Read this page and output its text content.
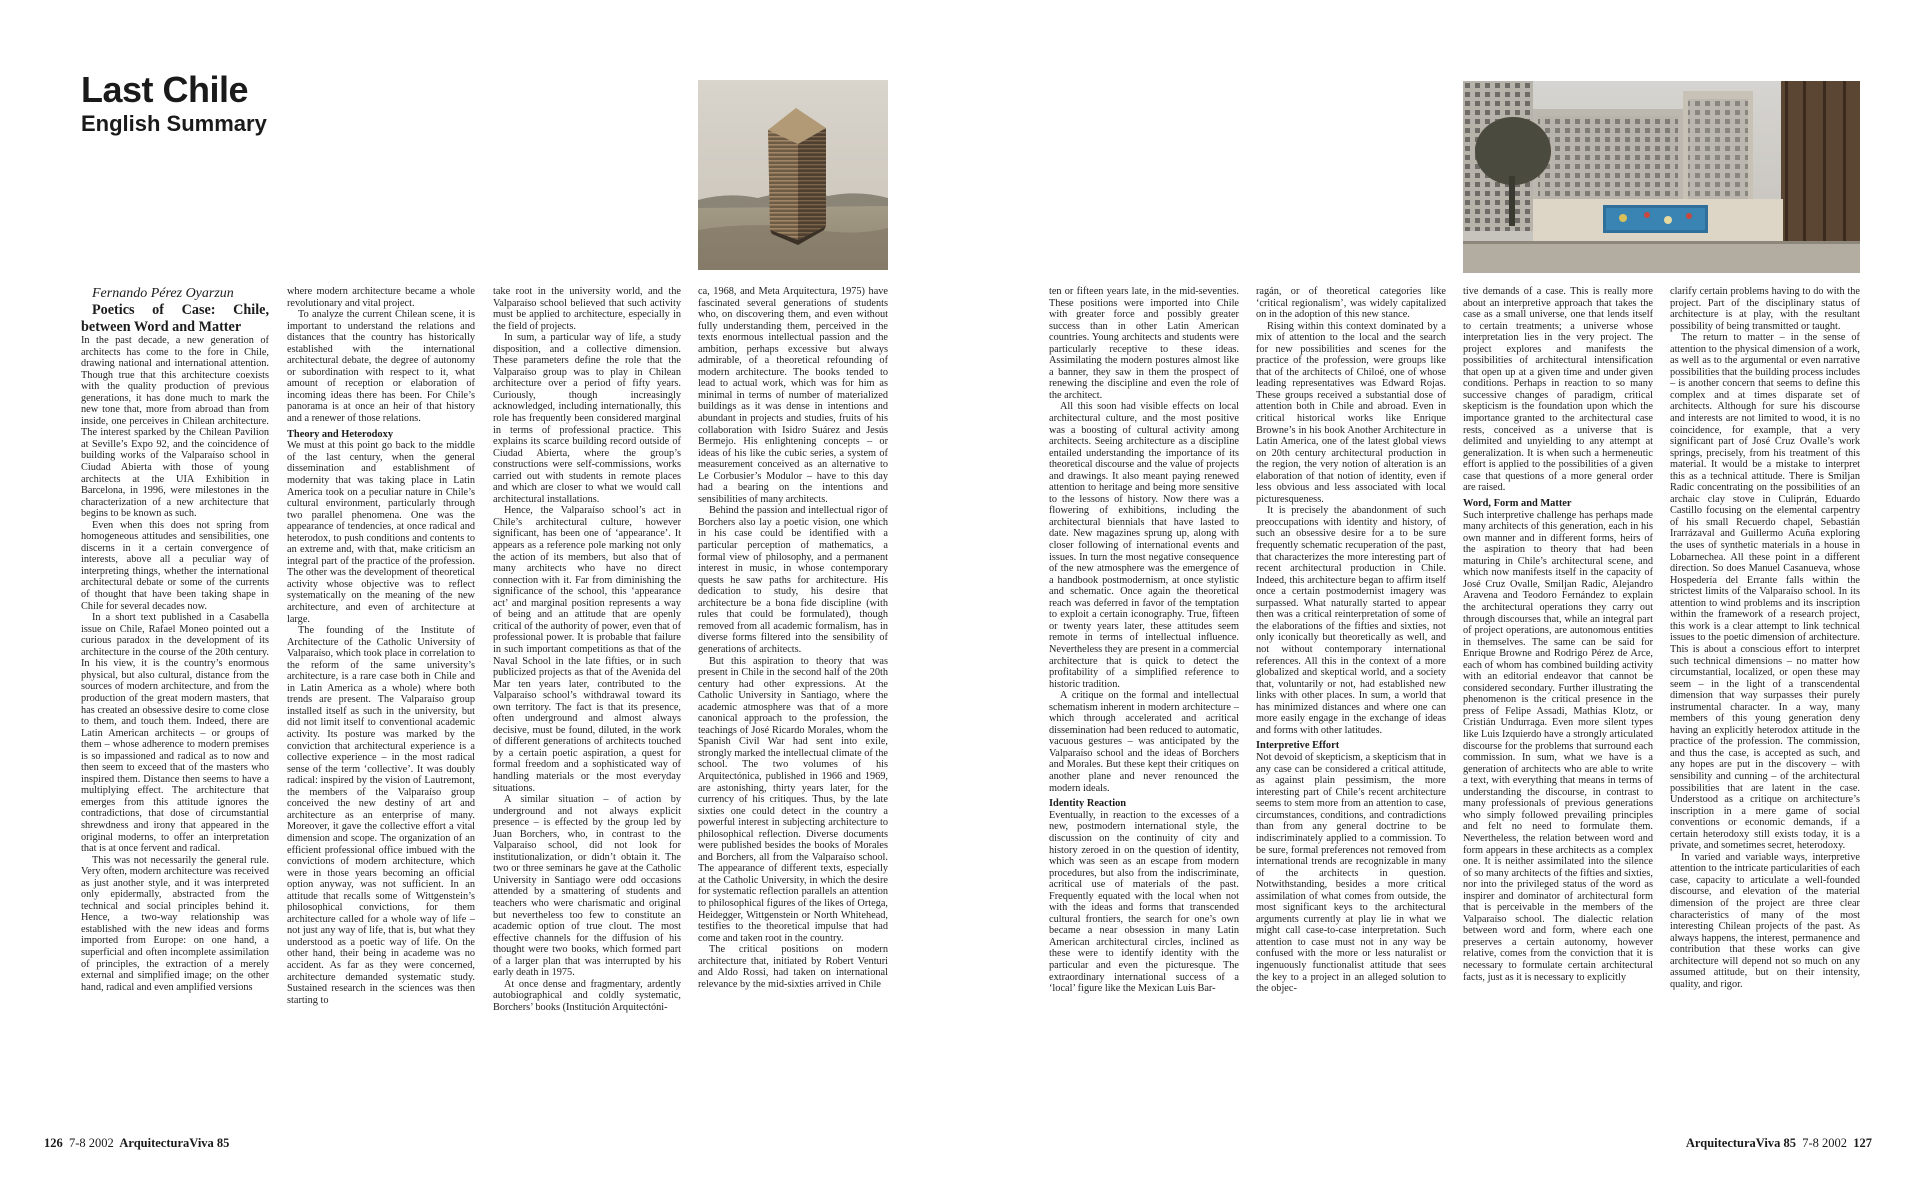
Last Chile
English Summary

Fernando Pérez Oyarzun

Poetics of Case: Chile, between Word and Matter

In the past decade, a new generation of architects has come to the fore in Chile, drawing national and international attention. Though true that this architecture coexists with the quality production of previous generations, it has done much to mark the new tone that, more from abroad than from inside, one perceives in Chilean architecture. The interest sparked by the Chilean Pavilion at Seville’s Expo 92, and the coincidence of building works of the Valparaíso school in Ciudad Abierta with those of young architects at the UIA Exhibition in Barcelona, in 1996, were milestones in the characterization of a new architecture that begins to be known as such.

Even when this does not spring from homogeneous attitudes and sensibilities, one discerns in it a certain convergence of interests, above all a peculiar way of interpreting things, whether the international architectural debate or some of the currents of thought that have been taking shape in Chile for several decades now.

In a short text published in a Casabella issue on Chile, Rafael Moneo pointed out a curious paradox in the development of its architecture in the course of the 20th century. In his view, it is the country’s enormous physical, but also cultural, distance from the sources of modern architecture, and from the production of the great modern masters, that has created an obsessive desire to come close to them, and touch them. Indeed, there are Latin American architects – or groups of them – whose adherence to modern premises is so impassioned and radical as to now and then seem to exceed that of the masters who inspired them. Distance then seems to have a multiplying effect. The architecture that emerges from this attitude ignores the contradictions, that dose of circumstantial shrewdness and irony that appeared in the original moderns, to offer an interpretation that is at once fervent and radical.

This was not necessarily the general rule. Very often, modern architecture was received as just another style, and it was interpreted only epidermally, abstracted from the technical and social principles behind it. Hence, a two-way relationship was established with the new ideas and forms imported from Europe: on one hand, a superficial and often incomplete assimilation of principles, the extraction of a merely external and simplified image; on the other hand, radical and even amplified versions

where modern architecture became a whole revolutionary and vital project.

To analyze the current Chilean scene, it is important to understand the relations and distances that the country has historically established with the international architectural debate, the degree of autonomy or subordination with respect to it, what amount of reception or elaboration of incoming ideas there has been. For Chile’s panorama is at once an heir of that history and a renewer of those relations.

Theory and Heterodoxy

We must at this point go back to the middle of the last century, when the general dissemination and establishment of modernity that was taking place in Latin America took on a peculiar nature in Chile’s cultural environment, particularly through two parallel phenomena. One was the appearance of tendencies, at once radical and heterodox, to push conditions and contents to an extreme and, with that, make criticism an integral part of the practice of the profession. The other was the development of theoretical activity whose objective was to reflect systematically on the meaning of the new architecture, and even of architecture at large.

The founding of the Institute of Architecture of the Catholic University of Valparaíso, which took place in correlation to the reform of the same university’s architecture, is a rare case both in Chile and in Latin America as a whole) where both trends are present. The Valparaíso group installed itself as such in the university, but did not limit itself to conventional academic activity. Its posture was marked by the conviction that architectural experience is a collective experience – in the most radical sense of the term ‘collective’. It was doubly radical: inspired by the vision of Lautremont, the members of the Valparaíso group conceived the new destiny of art and architecture as an enterprise of many. Moreover, it gave the collective effort a vital dimension and scope. The organization of an efficient professional office imbued with the convictions of modern architecture, which were in those years becoming an official option anyway, was not sufficient. In an attitude that recalls some of Wittgenstein’s philosophical convictions, for them architecture called for a whole way of life – not just any way of life, that is, but what they understood as a poetic way of life. On the other hand, their being in academe was no accident. As far as they were concerned, architecture demanded systematic study. Sustained research in the sciences was then starting to

take root in the university world, and the Valparaíso school believed that such activity must be applied to architecture, especially in the field of projects.

In sum, a particular way of life, a study disposition, and a collective dimension. These parameters define the role that the Valparaíso group was to play in Chilean architecture over a period of fifty years. Curiously, though increasingly acknowledged, including internationally, this role has frequently been considered marginal in terms of professional practice. This explains its scarce building record outside of Ciudad Abierta, where the group’s constructions were self-commissions, works carried out with students in remote places and which are closer to what we would call architectural installations.

Hence, the Valparaíso school’s act in Chile’s architectural culture, however significant, has been one of ‘appearance’. It appears as a reference pole marking not only the action of its members, but also that of many architects who have no direct connection with it. Far from diminishing the significance of the school, this ‘appearance act’ and marginal position represents a way of being and an attitude that are openly critical of the authority of power, even that of professional power. It is probable that failure in such important competitions as that of the Naval School in the late fifties, or in such publicized projects as that of the Avenida del Mar ten years later, contributed to the Valparaíso school’s withdrawal toward its own territory. The fact is that its presence, often underground and almost always decisive, must be found, diluted, in the work of different generations of architects touched by a certain poetic aspiration, a quest for formal freedom and a sophisticated way of handling materials or the most everyday situations.

A similar situation – of action by underground and not always explicit presence – is effected by the group led by Juan Borchers, who, in contrast to the Valparaíso school, did not look for institutionalization, or didn’t obtain it. The two or three seminars he gave at the Catholic University in Santiago were odd occasions attended by a smattering of students and teachers who were charismatic and original but nevertheless too few to constitute an academic option of true clout. The most effective channels for the diffusion of his thought were two books, which formed part of a larger plan that was interrupted by his early death in 1975.

At once dense and fragmentary, ardently autobiographical and coldly systematic, Borchers’ books (Institución Arquitectóni-

ca, 1968, and Meta Arquitectura, 1975) have fascinated several generations of students who, on discovering them, and even without fully understanding them, perceived in the texts enormous intellectual passion and the ambition, perhaps excessive but always admirable, of a theoretical refounding of modern architecture. The books tended to lead to actual work, which was for him as minimal in terms of number of materialized buildings as it was dense in intentions and abundant in projects and studies, fruits of his collaboration with Isidro Suárez and Jesús Bermejo. His enlightening concepts – or ideas of his like the cubic series, a system of measurement conceived as an alternative to Le Corbusier’s Modulor – have to this day had a bearing on the intentions and sensibilities of many architects.

Behind the passion and intellectual rigor of Borchers also lay a poetic vision, one which in his case could be identified with a particular perception of mathematics, a formal view of philosophy, and a permanent interest in music, in whose contemporary quests he saw paths for architecture. His dedication to study, his desire that architecture be a bona fide discipline (with rules that could be formulated), though removed from all academic formalism, has in diverse forms filtered into the sensibility of generations of architects.

But this aspiration to theory that was present in Chile in the second half of the 20th century had other expressions. At the Catholic University in Santiago, where the academic atmosphere was that of a more canonical approach to the profession, the teachings of José Ricardo Morales, whom the Spanish Civil War had sent into exile, strongly marked the intellectual climate of the school. The two volumes of his Arquitectónica, published in 1966 and 1969, are astonishing, thirty years later, for the currency of his critiques. Thus, by the late sixties one could detect in the country a powerful interest in subjecting architecture to philosophical reflection. Diverse documents were published besides the books of Morales and Borchers, all from the Valparaíso school. The appearance of different texts, especially at the Catholic University, in which the desire for systematic reflection parallels an attention to philosophical figures of the likes of Ortega, Heidegger, Wittgenstein or North Whitehead, testifies to the theoretical impulse that had come and taken root in the country.

The critical positions on modern architecture that, initiated by Robert Venturi and Aldo Rossi, had taken on international relevance by the mid-sixties arrived in Chile

ten or fifteen years late, in the mid-seventies. These positions were imported into Chile with greater force and possibly greater success than in other Latin American countries. Young architects and students were particularly receptive to these ideas. Assimilating the modern postures almost like a banner, they saw in them the prospect of renewing the discipline and even the role of the architect.

All this soon had visible effects on local architectural culture, and the most positive was a boosting of cultural activity among architects. Seeing architecture as a discipline entailed understanding the importance of its theoretical discourse and the value of projects and drawings. It also meant paying renewed attention to heritage and being more sensitive to the lessons of history. Now there was a flowering of exhibitions, including the architectural biennials that have lasted to date. New magazines sprung up, along with closer following of international events and issues. In turn the most negative consequence of the new atmosphere was the emergence of a handbook postmodernism, at once stylistic and schematic. Once again the theoretical reach was deferred in favor of the temptation to exploit a certain iconography. True, fifteen or twenty years later, these attitudes seem remote in terms of intellectual influence. Nevertheless they are present in a commercial architecture that is quick to detect the profitability of a simplified reference to historic tradition.

A critique on the formal and intellectual schematism inherent in modern architecture – which through accelerated and acritical dissemination had been reduced to automatic, vacuous gestures – was anticipated by the Valparaíso school and the ideas of Borchers and Morales. But these kept their critiques on another plane and never renounced the modern ideals.

Identity Reaction

Eventually, in reaction to the excesses of a new, postmodern international style, the discussion on the continuity of city and history zeroed in on the question of identity, which was seen as an escape from modern procedures, but also from the indiscriminate, acritical use of materials of the past. Frequently equated with the local when not with the ideas and forms that transcended cultural frontiers, the search for one’s own became a near obsession in many Latin American architectural circles, inclined as these were to identify identity with the particular and even the picturesque. The extraordinary international success of a ‘local’ figure like the Mexican Luis Bar-

ragán, or of theoretical categories like ‘critical regionalism’, was widely capitalized on in the adoption of this new stance.

Rising within this context dominated by a mix of attention to the local and the search for new possibilities and scenes for the practice of the profession, were groups like that of the architects of Chiloé, one of whose leading representatives was Edward Rojas. These groups received a substantial dose of attention both in Chile and abroad. Even in critical historical works like Enrique Browne’s in his book Another Architecture in Latin America, one of the latest global views on 20th century architectural production in the region, the very notion of alteration is an elaboration of that notion of identity, even if less obvious and less associated with local picturesqueness.

It is precisely the abandonment of such preoccupations with identity and history, of such an obsessive desire for a to be sure frequently schematic recuperation of the past, that characterizes the more interesting part of recent architectural production in Chile. Indeed, this architecture began to affirm itself once a certain postmodernist imagery was surpassed. What naturally started to appear then was a critical reinterpretation of some of the elaborations of the fifties and sixties, not only iconically but theoretically as well, and not without contemporary international references. All this in the context of a more globalized and skeptical world, and a society that, voluntarily or not, had established new links with other places. In sum, a world that has minimized distances and where one can more easily engage in the exchange of ideas and forms with other latitudes.

Interpretive Effort

Not devoid of skepticism, a skepticism that in any case can be considered a critical attitude, as against plain pessimism, the more interesting part of Chile’s recent architecture seems to stem more from an attention to case, circumstances, conditions, and contradictions than from any general doctrine to be indiscriminately applied to a commission. To be sure, formal preferences not removed from international trends are recognizable in many of the architects in question. Notwithstanding, besides a more critical assimilation of what comes from outside, the most significant keys to the architectural arguments currently at play lie in what we might call case-to-case interpretation. Such attention to case must not in any way be confused with the more or less naturalist or ingenuously functionalist attitude that sees the key to a project in an alleged solution to the objec-

tive demands of a case. This is really more about an interpretive approach that takes the case as a small universe, one that lends itself to certain treatments; a universe whose interpretation lies in the very project. The project explores and manifests the possibilities of architectural intensification that open up at a given time and under given conditions. Perhaps in reaction to so many successive changes of paradigm, critical skepticism is the foundation upon which the importance granted to the architectural case rests, conceived as a universe that is delimited and unyielding to any attempt at generalization. It is when such a hermeneutic effort is applied to the possibilities of a given case that questions of a more general order are raised.

Word, Form and Matter

Such interpretive challenge has perhaps made many architects of this generation, each in his own manner and in different forms, heirs of the aspiration to theory that had been maturing in Chile’s architectural scene, and which now manifests itself in the capacity of José Cruz Ovalle, Smiljan Radic, Alejandro Aravena and Teodoro Fernández to explain the architectural operations they carry out through discourses that, while an integral part of project operations, are autonomous entities in themselves. The same can be said for Enrique Browne and Rodrigo Pérez de Arce, each of whom has combined building activity with an editorial endeavor that cannot be considered secondary. Further illustrating the phenomenon is the critical presence in the press of Felipe Assadi, Mathias Klotz, or Cristián Undurraga. Even more silent types like Luis Izquierdo have a strongly articulated discourse for the problems that surround each commission. In sum, what we have is a generation of architects who are able to write a text, with everything that means in terms of understanding the discourse, in contrast to many professionals of previous generations who simply followed prevailing principles and felt no need to formulate them. Nevertheless, the relation between word and form appears in these architects as a complex one. It is neither assimilated into the silence of so many architects of the fifties and sixties, nor into the privileged status of the word as inspirer and dominator of architectural form that is perceivable in the members of the Valparaíso school. The dialectic relation between word and form, where each one preserves a certain autonomy, however relative, comes from the conviction that it is necessary to formulate certain architectural facts, just as it is necessary to explicitly

clarify certain problems having to do with the project. Part of the disciplinary status of architecture is at play, with the resultant possibility of being transmitted or taught.

The return to matter – in the sense of attention to the physical dimension of a work, as well as to the argumental or even narrative possibilities that the building process includes – is another concern that seems to define this complex and at times disparate set of architects. Although for sure his discourse and interests are not limited to wood, it is no coincidence, for example, that a very significant part of José Cruz Ovalle’s work springs, precisely, from his treatment of this material. It would be a mistake to interpret this as a technical attitude. There is Smiljan Radic concentrating on the possibilities of an archaic clay stove in Culiprán, Eduardo Castillo focusing on the elemental carpentry of his small Recuerdo chapel, Sebastián Irarrázaval and Guillermo Acuña exploring the uses of synthetic materials in a house in Lobarnechea. All these point in a different direction. So does Manuel Casanueva, whose Hospedería del Errante falls within the strictest limits of the Valparaíso school. In its attention to wind problems and its inscription within the framework of a research project, this work is a clear attempt to link technical issues to the poetic dimension of architecture. This is about a conscious effort to interpret such technical dimensions – no matter how circumstantial, localized, or open these may seem – in the light of a transcendental dimension that way surpasses their purely instrumental character. In a way, many members of this young generation deny having an explicitly heterodox attitude in the practice of the profession. The commission, and thus the case, is accepted as such, and any hopes are put in the discovery – with sensibility and cunning – of the architectural possibilities that are latent in the case. Understood as a critique on architecture’s inscription in a mere game of social conventions or economic demands, if a certain heterodoxy still exists today, it is a private, and sometimes secret, heterodoxy.

In varied and variable ways, interpretive attention to the intricate particularities of each case, capacity to articulate a well-founded discourse, and elevation of the material dimension of the project are three clear characteristics of many of the most interesting Chilean projects of the past. As always happens, the interest, permanence and contribution that these works can give architecture will depend not so much on any assumed attitude, but on their intensity, quality, and rigor.

126 7-8 2002 ArquitecturaViva 85	ArquitecturaViva 85 7-8 2002 127
